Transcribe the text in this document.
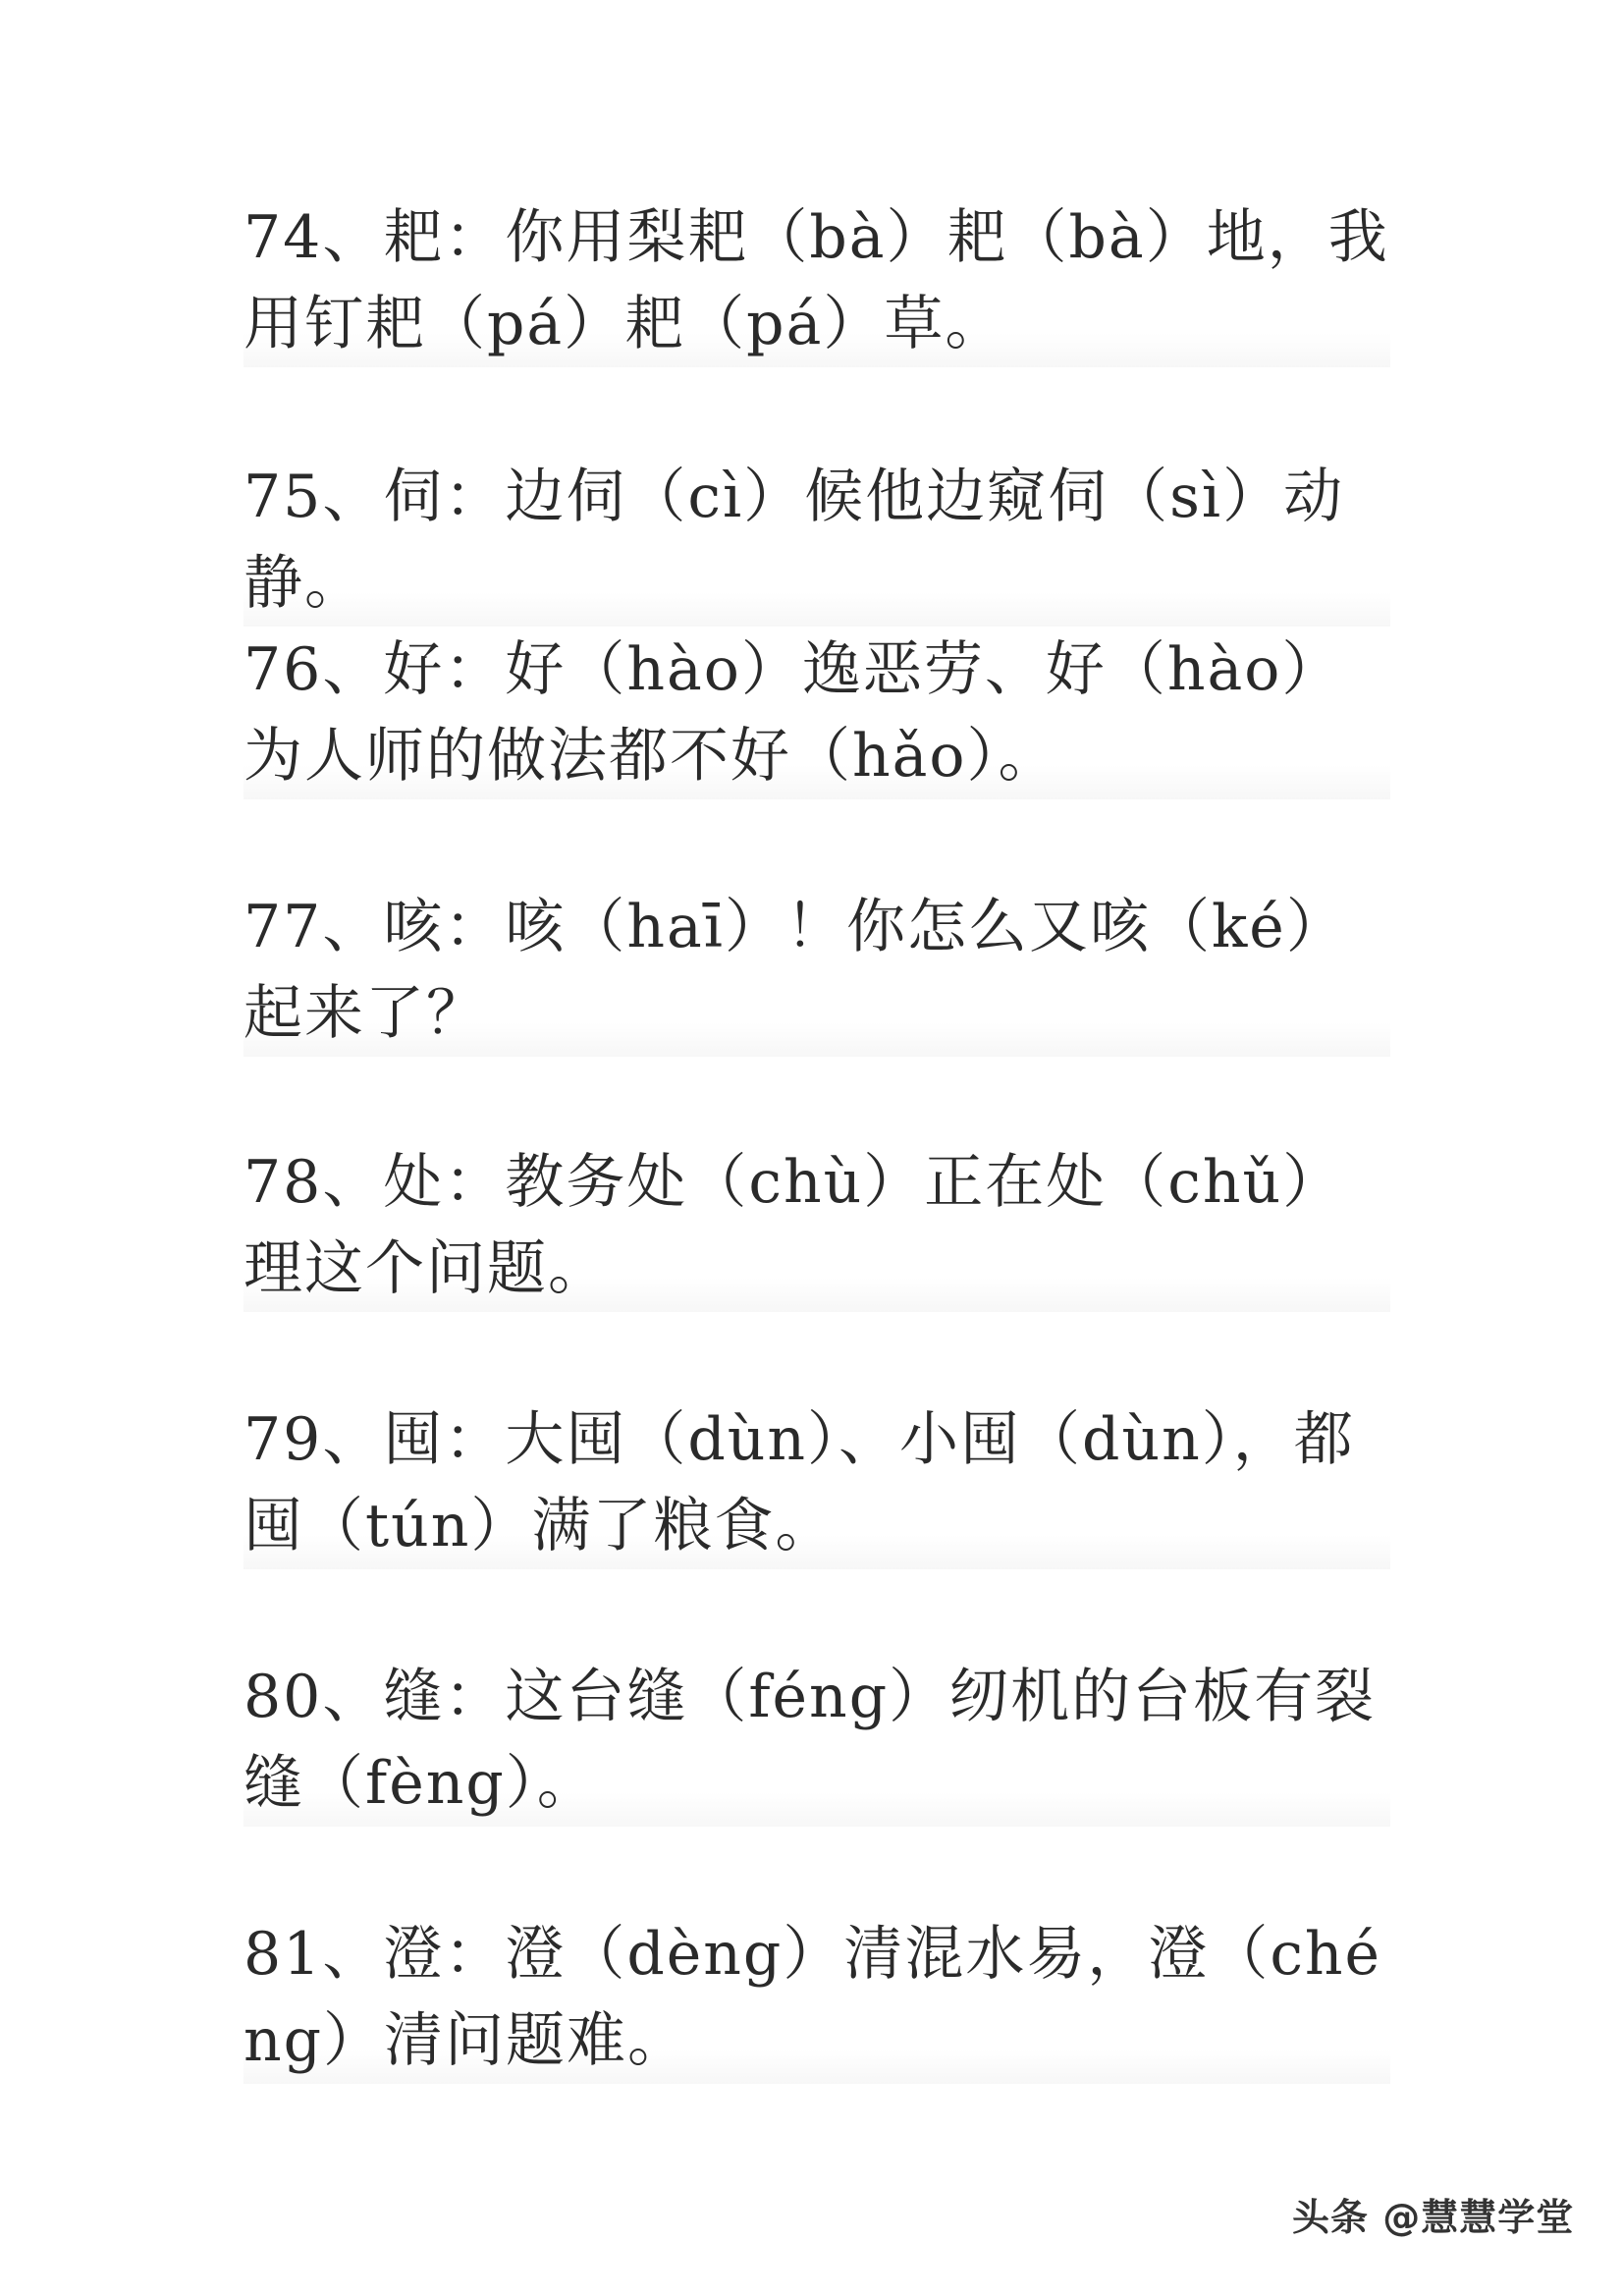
74、耙：你用梨耙（bà）耙（bà）地，我用钉耙（pá）耙（pá）草。
75、伺：边伺（cì）候他边窥伺（sì）动静。
76、好：好（hào）逸恶劳、好（hào）为人师的做法都不好（hǎo）。
77、咳：咳（haī）！你怎么又咳（ké）起来了？
78、处：教务处（chù）正在处（chǔ）理这个问题。
79、囤：大囤（dùn）、小囤（dùn），都囤（tún）满了粮食。
80、缝：这台缝（féng）纫机的台板有裂缝（fèng）。
81、澄：澄（dèng）清混水易，澄（chéng）清问题难。
头条 @慧慧学堂
